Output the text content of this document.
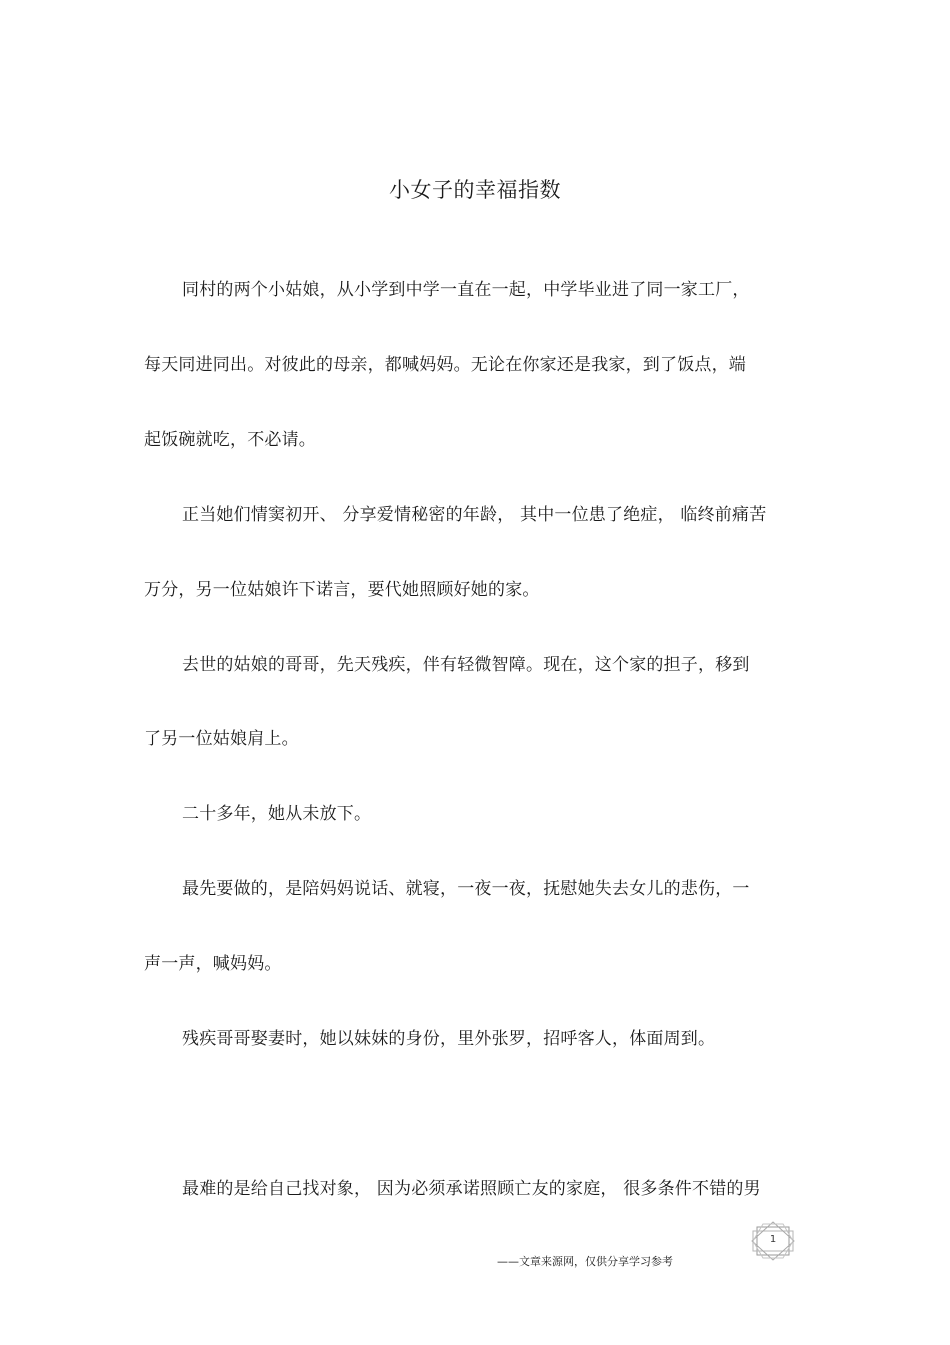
小女子的幸福指数
同村的两个小姑娘，从小学到中学一直在一起，中学毕业进了同一家工厂，
每天同进同出。对彼此的母亲，都喊妈妈。无论在你家还是我家，到了饭点，端
起饭碗就吃，不必请。
正当她们情窦初开、 分享爱情秘密的年龄， 其中一位患了绝症， 临终前痛苦
万分，另一位姑娘许下诺言，要代她照顾好她的家。
去世的姑娘的哥哥，先天残疾，伴有轻微智障。现在，这个家的担子，移到
了另一位姑娘肩上。
二十多年，她从未放下。
最先要做的，是陪妈妈说话、就寝，一夜一夜，抚慰她失去女儿的悲伤，一
声一声，喊妈妈。
残疾哥哥娶妻时，她以妹妹的身份，里外张罗，招呼客人，体面周到。
最难的是给自己找对象， 因为必须承诺照顾亡友的家庭， 很多条件不错的男
——文章来源网，仅供分享学习参考
1
